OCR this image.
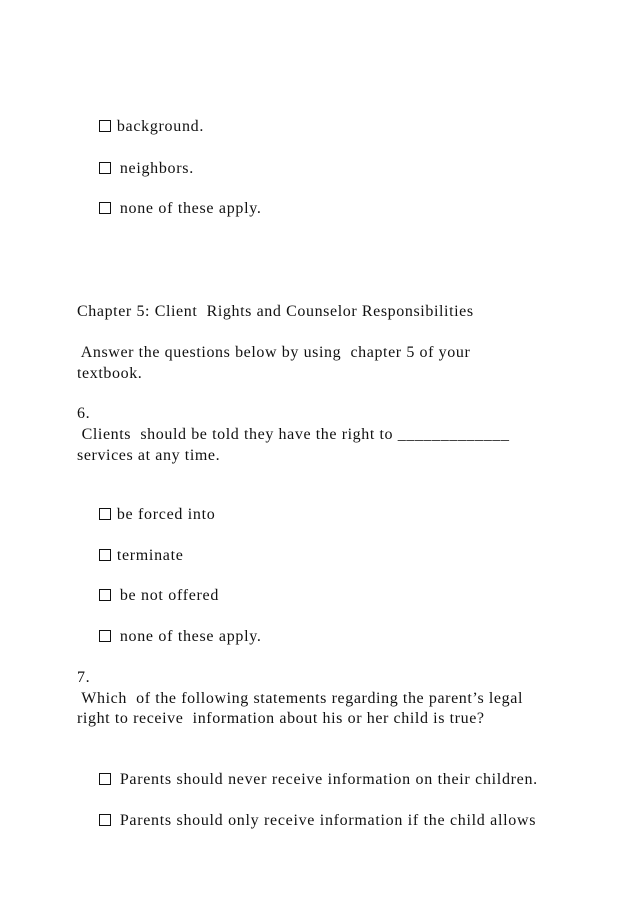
background.

neighbors.

none of these apply.

Chapter 5: Client  Rights and Counselor Responsibilities
Answer the questions below by using  chapter 5 of your
textbook.
6.
Clients  should be told they have the right to _____________
services at any time.

be forced into

terminate

be not offered

none of these apply.

7.
Which  of the following statements regarding the parent’s legal
right to receive  information about his or her child is true?

Parents should never receive information on their children.

Parents should only receive information if the child allows
